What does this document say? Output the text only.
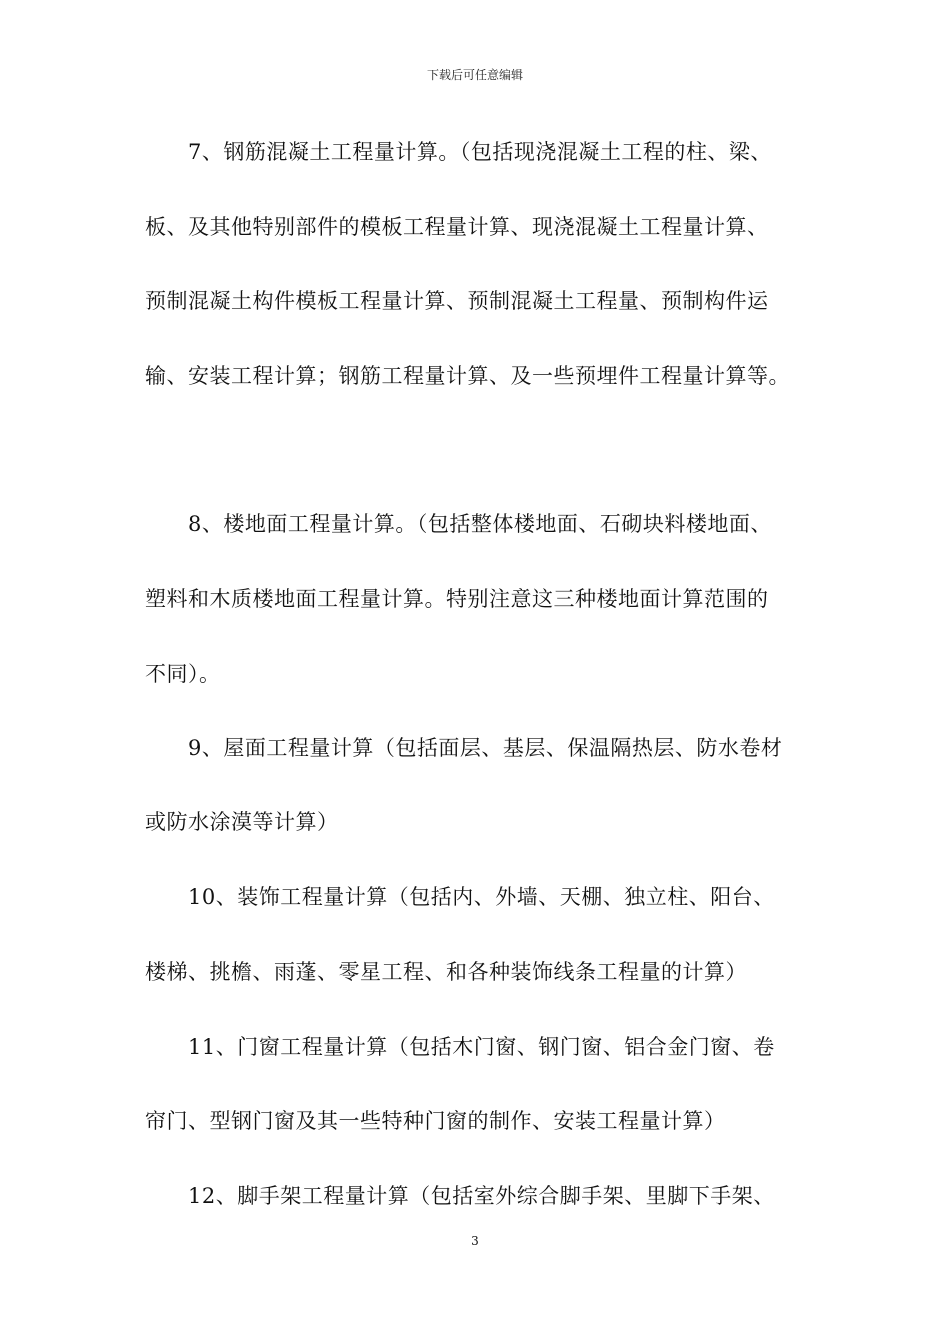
下载后可任意编辑
7、钢筋混凝土工程量计算。（包括现浇混凝土工程的柱、梁、
板、及其他特别部件的模板工程量计算、现浇混凝土工程量计算、
预制混凝土构件模板工程量计算、预制混凝土工程量、预制构件运
输、安装工程计算；钢筋工程量计算、及一些预埋件工程量计算等。
8、楼地面工程量计算。（包括整体楼地面、石砌块料楼地面、
塑料和木质楼地面工程量计算。特别注意这三种楼地面计算范围的
不同）。
9、屋面工程量计算（包括面层、基层、保温隔热层、防水卷材
或防水涂漠等计算）
10、装饰工程量计算（包括内、外墙、天棚、独立柱、阳台、
楼梯、挑檐、雨蓬、零星工程、和各种装饰线条工程量的计算）
11、门窗工程量计算（包括木门窗、钢门窗、铝合金门窗、卷
帘门、型钢门窗及其一些特种门窗的制作、安装工程量计算）
12、脚手架工程量计算（包括室外综合脚手架、里脚下手架、
3
